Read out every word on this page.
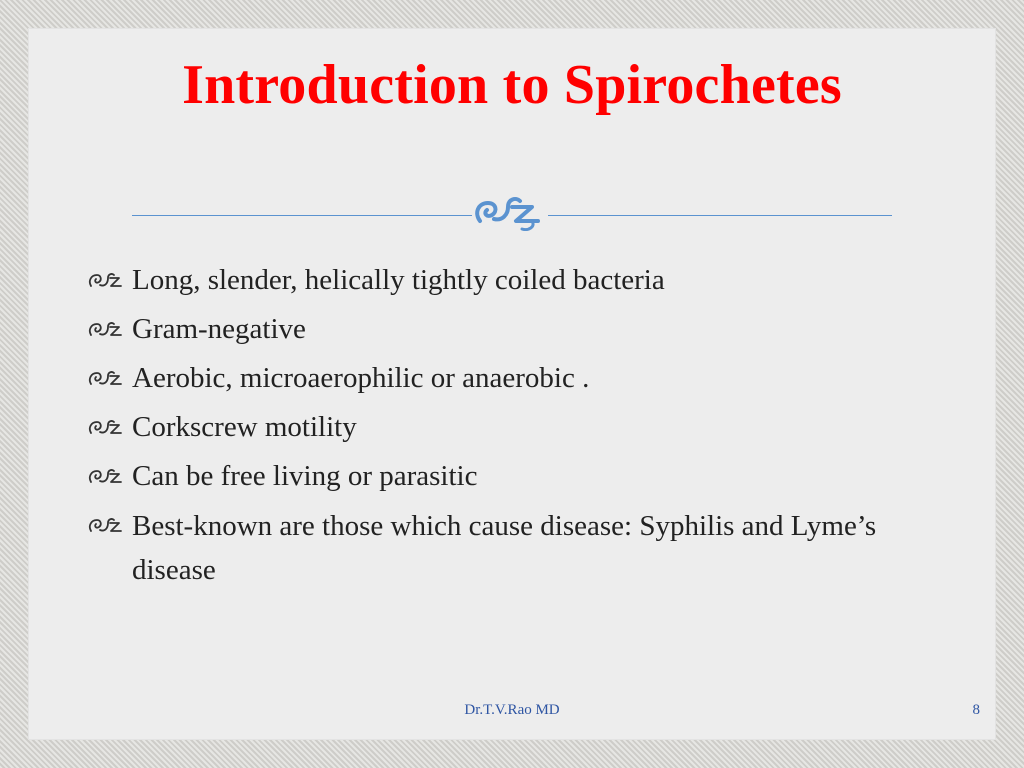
Introduction to Spirochetes
Long, slender, helically tightly coiled bacteria
Gram-negative
Aerobic, microaerophilic or anaerobic .
Corkscrew motility
Can be free living or parasitic
Best-known are those which cause disease: Syphilis and Lyme’s disease
Dr.T.V.Rao MD	8
